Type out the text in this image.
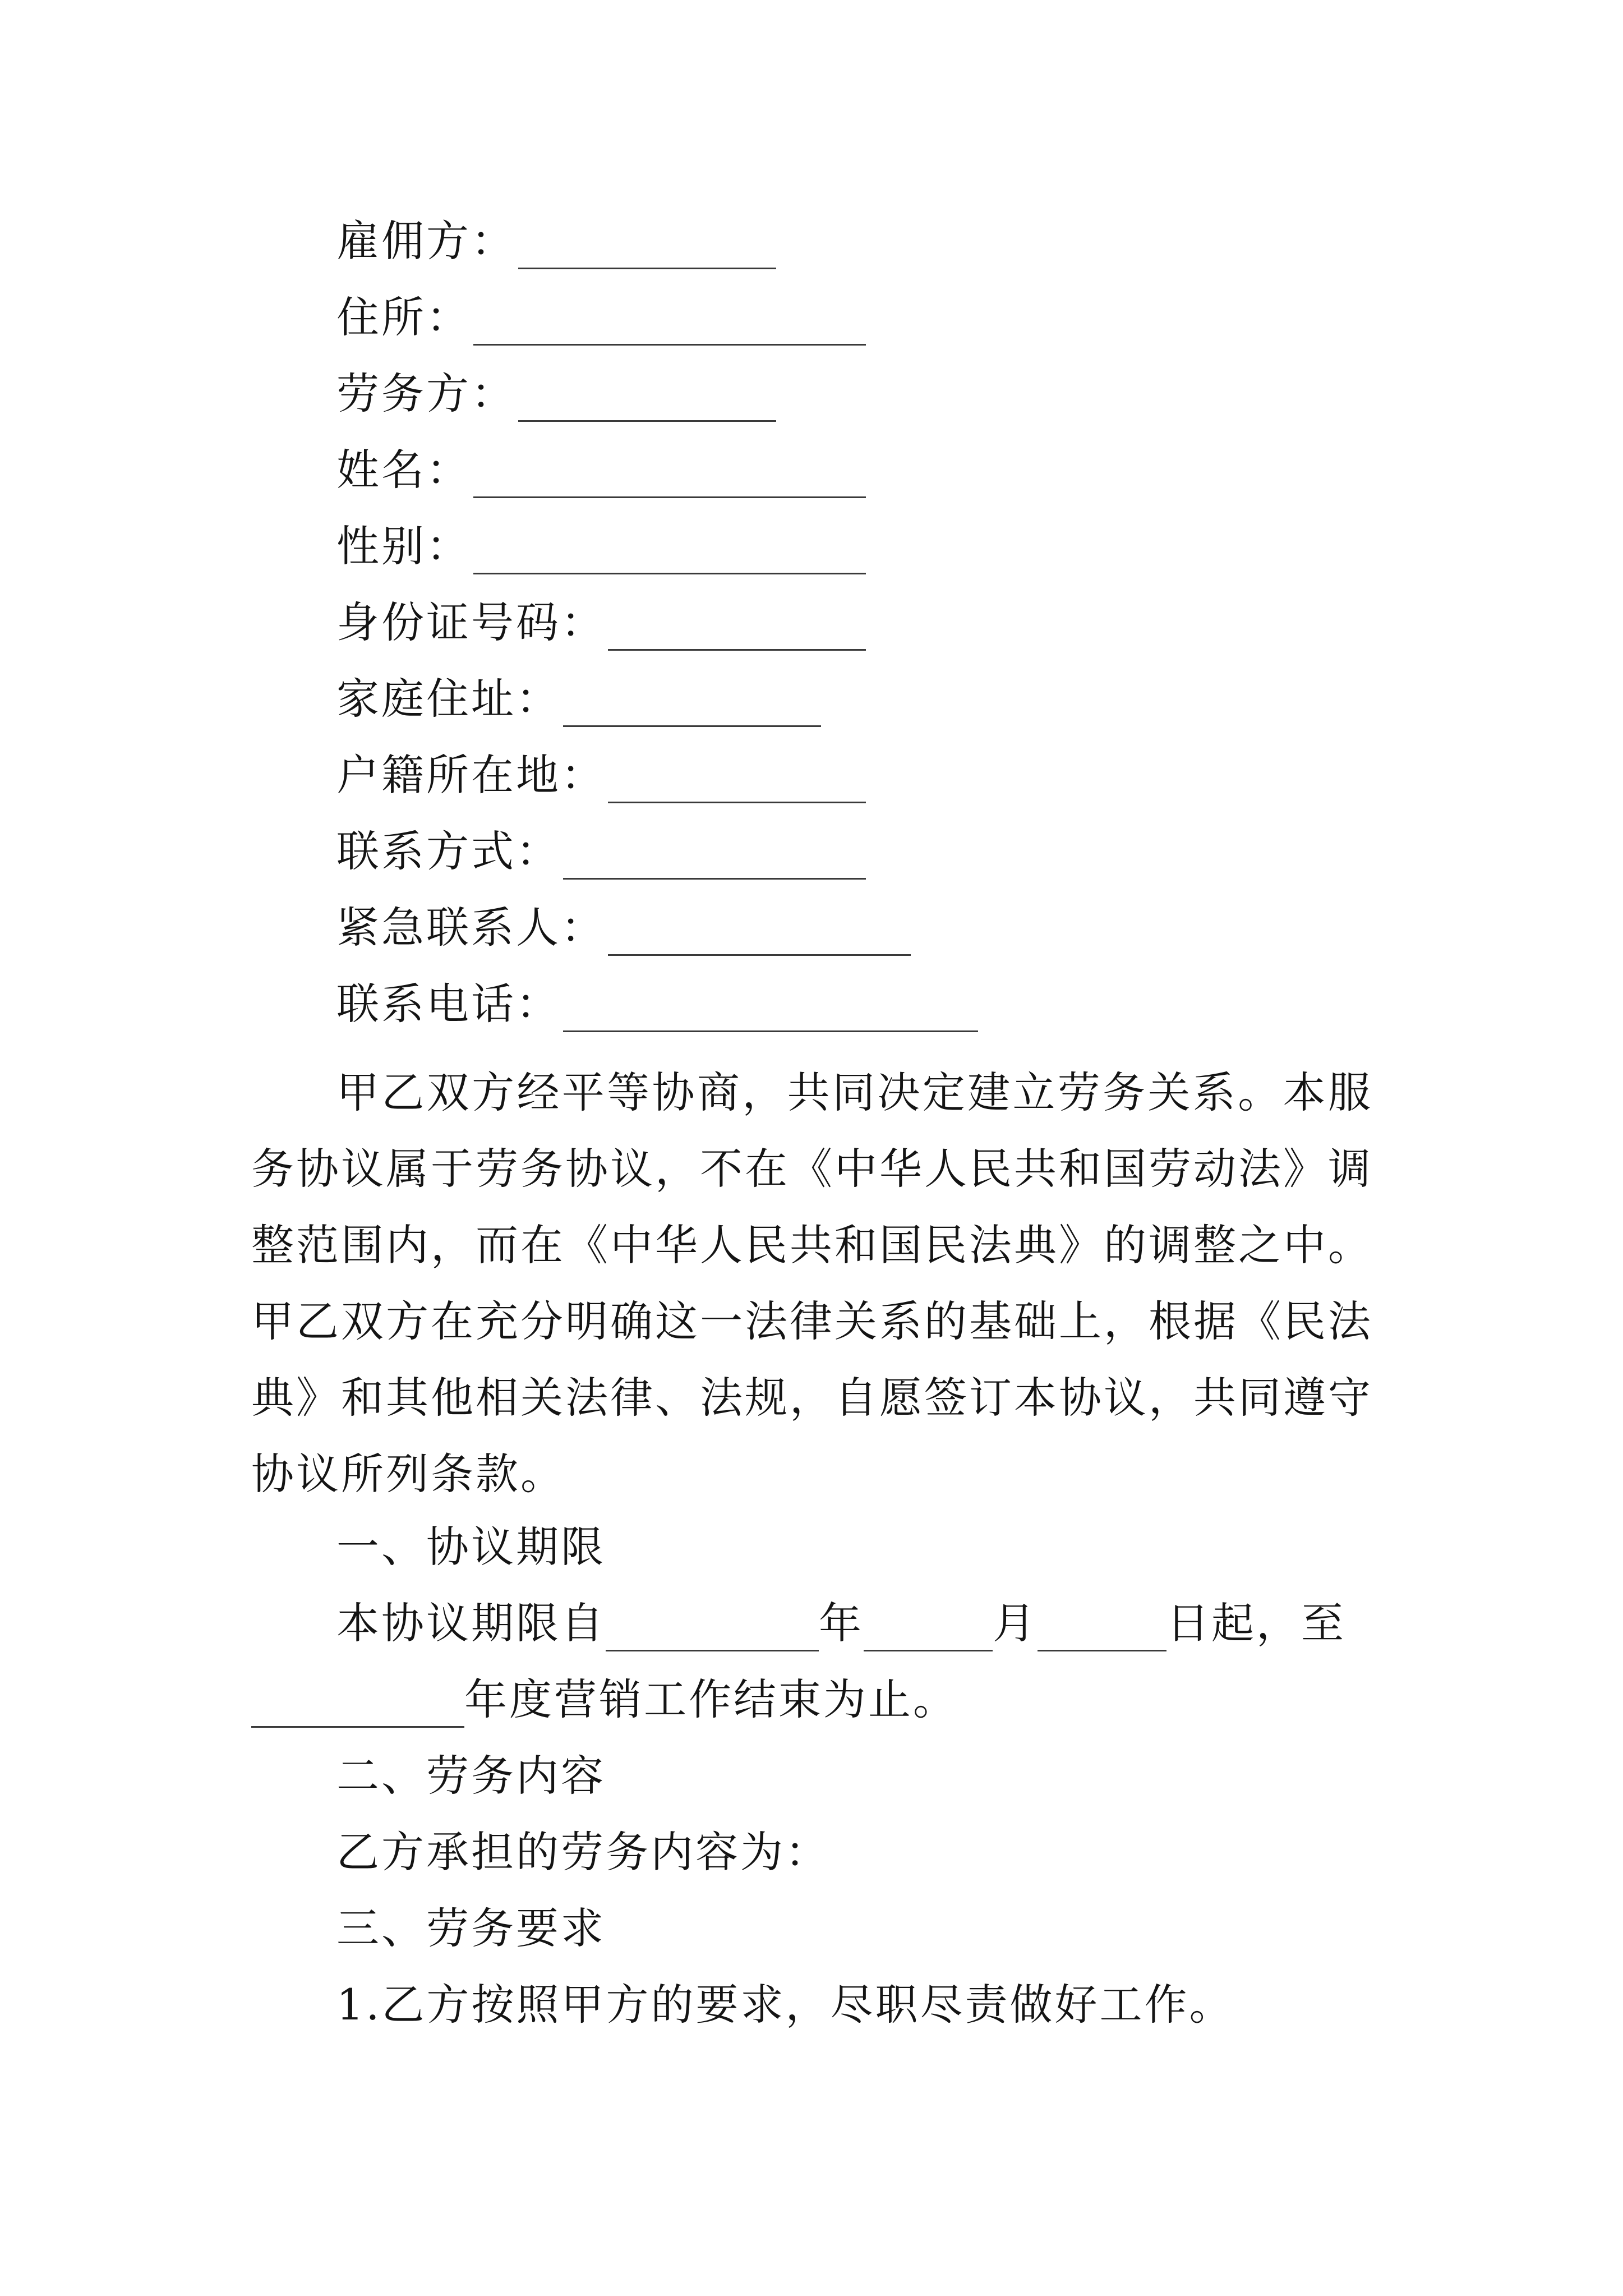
雇佣方：
住所：
劳务方：
姓名：
性别：
身份证号码：
家庭住址：
户籍所在地：
联系方式：
紧急联系人：
联系电话：

甲乙双方经平等协商，共同决定建立劳务关系。本服务协议属于劳务协议，不在《中华人民共和国劳动法》调整范围内，而在《中华人民共和国民法典》的调整之中。甲乙双方在充分明确这一法律关系的基础上，根据《民法典》和其他相关法律、法规，自愿签订本协议，共同遵守协议所列条款。

一、协议期限
本协议期限自	年	月	日起，至
年度营销工作结束为止。
二、劳务内容
乙方承担的劳务内容为：
三、劳务要求
1.乙方按照甲方的要求，尽职尽责做好工作。
